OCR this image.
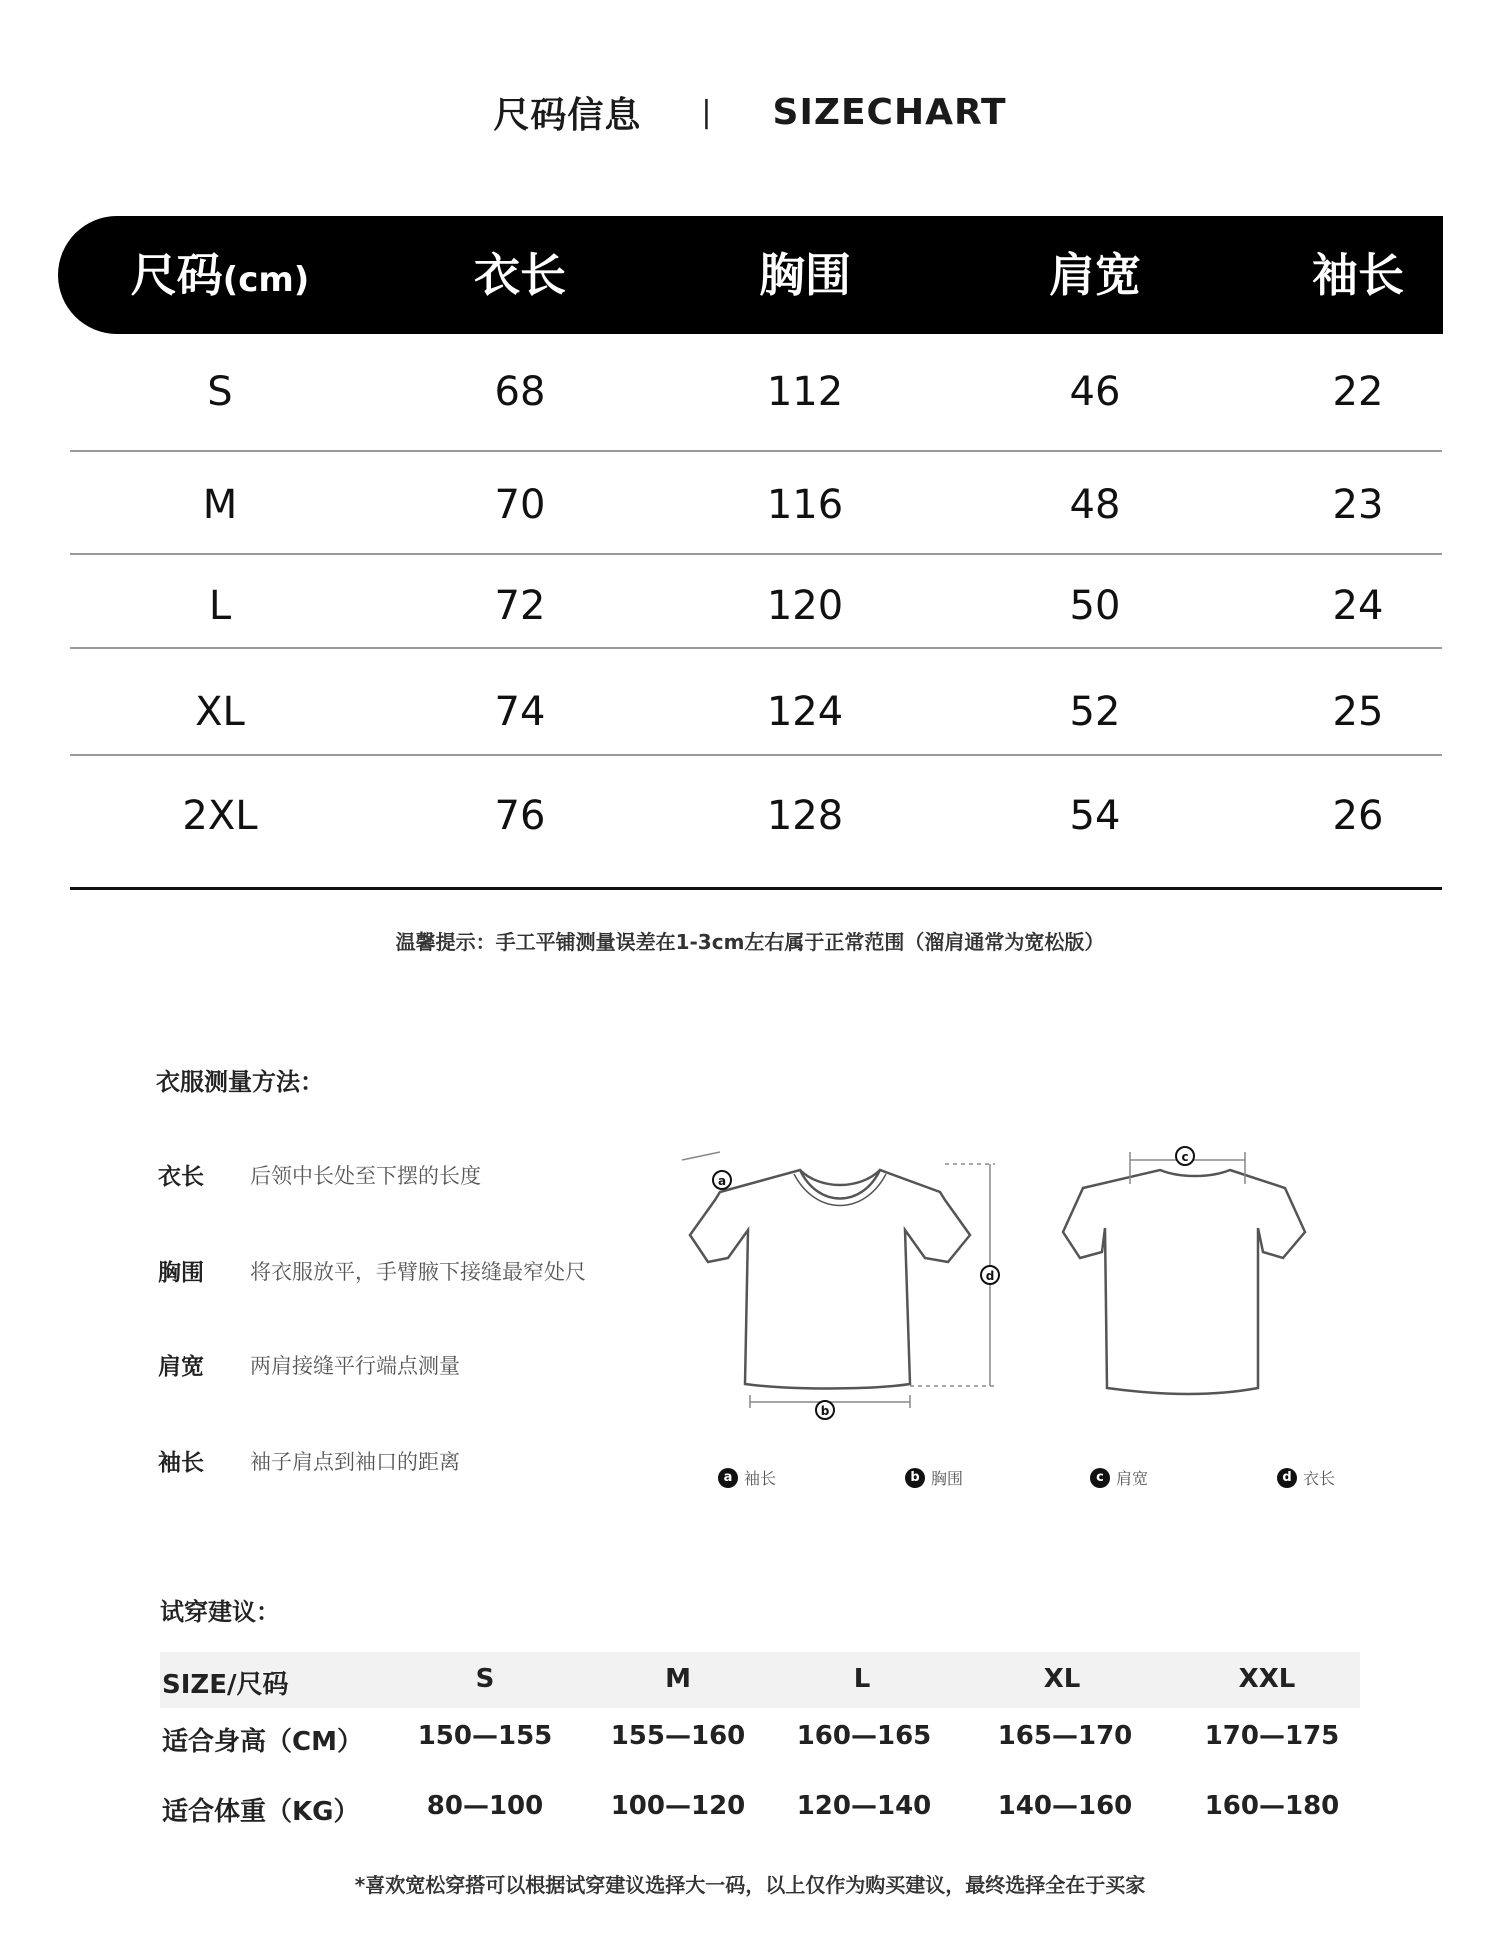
尺码信息 | SIZECHART
尺码(cm)	衣长	胸围	肩宽	袖长
S	68	112	46	22
M	70	116	48	23
L	72	120	50	24
XL	74	124	52	25
2XL	76	128	54	26
温馨提示：手工平铺测量误差在1-3cm左右属于正常范围（溜肩通常为宽松版）
衣服测量方法：
衣长 后领中长处至下摆的长度
胸围 将衣服放平，手臂腋下接缝最窄处尺
肩宽 两肩接缝平行端点测量
袖长 袖子肩点到袖口的距离
a
d
b
c
a 袖长	b 胸围	c 肩宽	d 衣长
试穿建议：
SIZE/尺码	S	M	L	XL	XXL
适合身高（CM）	150—155	155—160	160—165	165—170	170—175
适合体重（KG）	80—100	100—120	120—140	140—160	160—180
*喜欢宽松穿搭可以根据试穿建议选择大一码，以上仅作为购买建议，最终选择全在于买家
